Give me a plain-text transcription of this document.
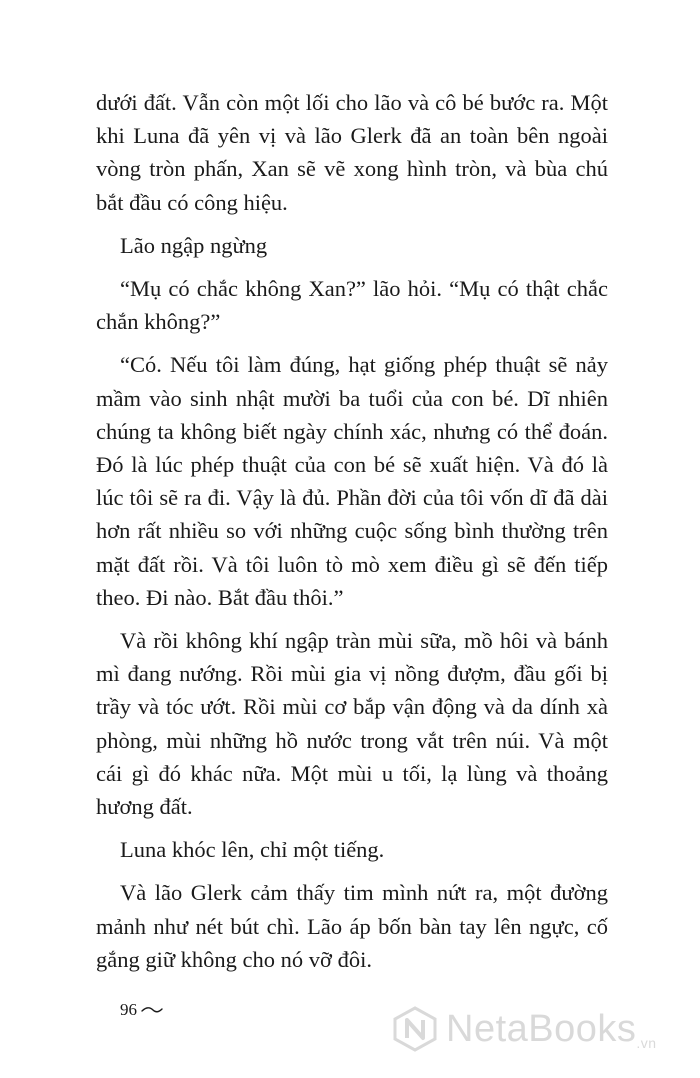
dưới đất. Vẫn còn một lối cho lão và cô bé bước ra. Một khi Luna đã yên vị và lão Glerk đã an toàn bên ngoài vòng tròn phấn, Xan sẽ vẽ xong hình tròn, và bùa chú bắt đầu có công hiệu.

Lão ngập ngừng

“Mụ có chắc không Xan?” lão hỏi. “Mụ có thật chắc chắn không?”

“Có. Nếu tôi làm đúng, hạt giống phép thuật sẽ nảy mầm vào sinh nhật mười ba tuổi của con bé. Dĩ nhiên chúng ta không biết ngày chính xác, nhưng có thể đoán. Đó là lúc phép thuật của con bé sẽ xuất hiện. Và đó là lúc tôi sẽ ra đi. Vậy là đủ. Phần đời của tôi vốn dĩ đã dài hơn rất nhiều so với những cuộc sống bình thường trên mặt đất rồi. Và tôi luôn tò mò xem điều gì sẽ đến tiếp theo. Đi nào. Bắt đầu thôi.”

Và rồi không khí ngập tràn mùi sữa, mồ hôi và bánh mì đang nướng. Rồi mùi gia vị nồng đượm, đầu gối bị trầy và tóc ướt. Rồi mùi cơ bắp vận động và da dính xà phòng, mùi những hồ nước trong vắt trên núi. Và một cái gì đó khác nữa. Một mùi u tối, lạ lùng và thoảng hương đất.

Luna khóc lên, chỉ một tiếng.

Và lão Glerk cảm thấy tim mình nứt ra, một đường mảnh như nét bút chì. Lão áp bốn bàn tay lên ngực, cố gắng giữ không cho nó vỡ đôi.

96	NetaBooks.vn
